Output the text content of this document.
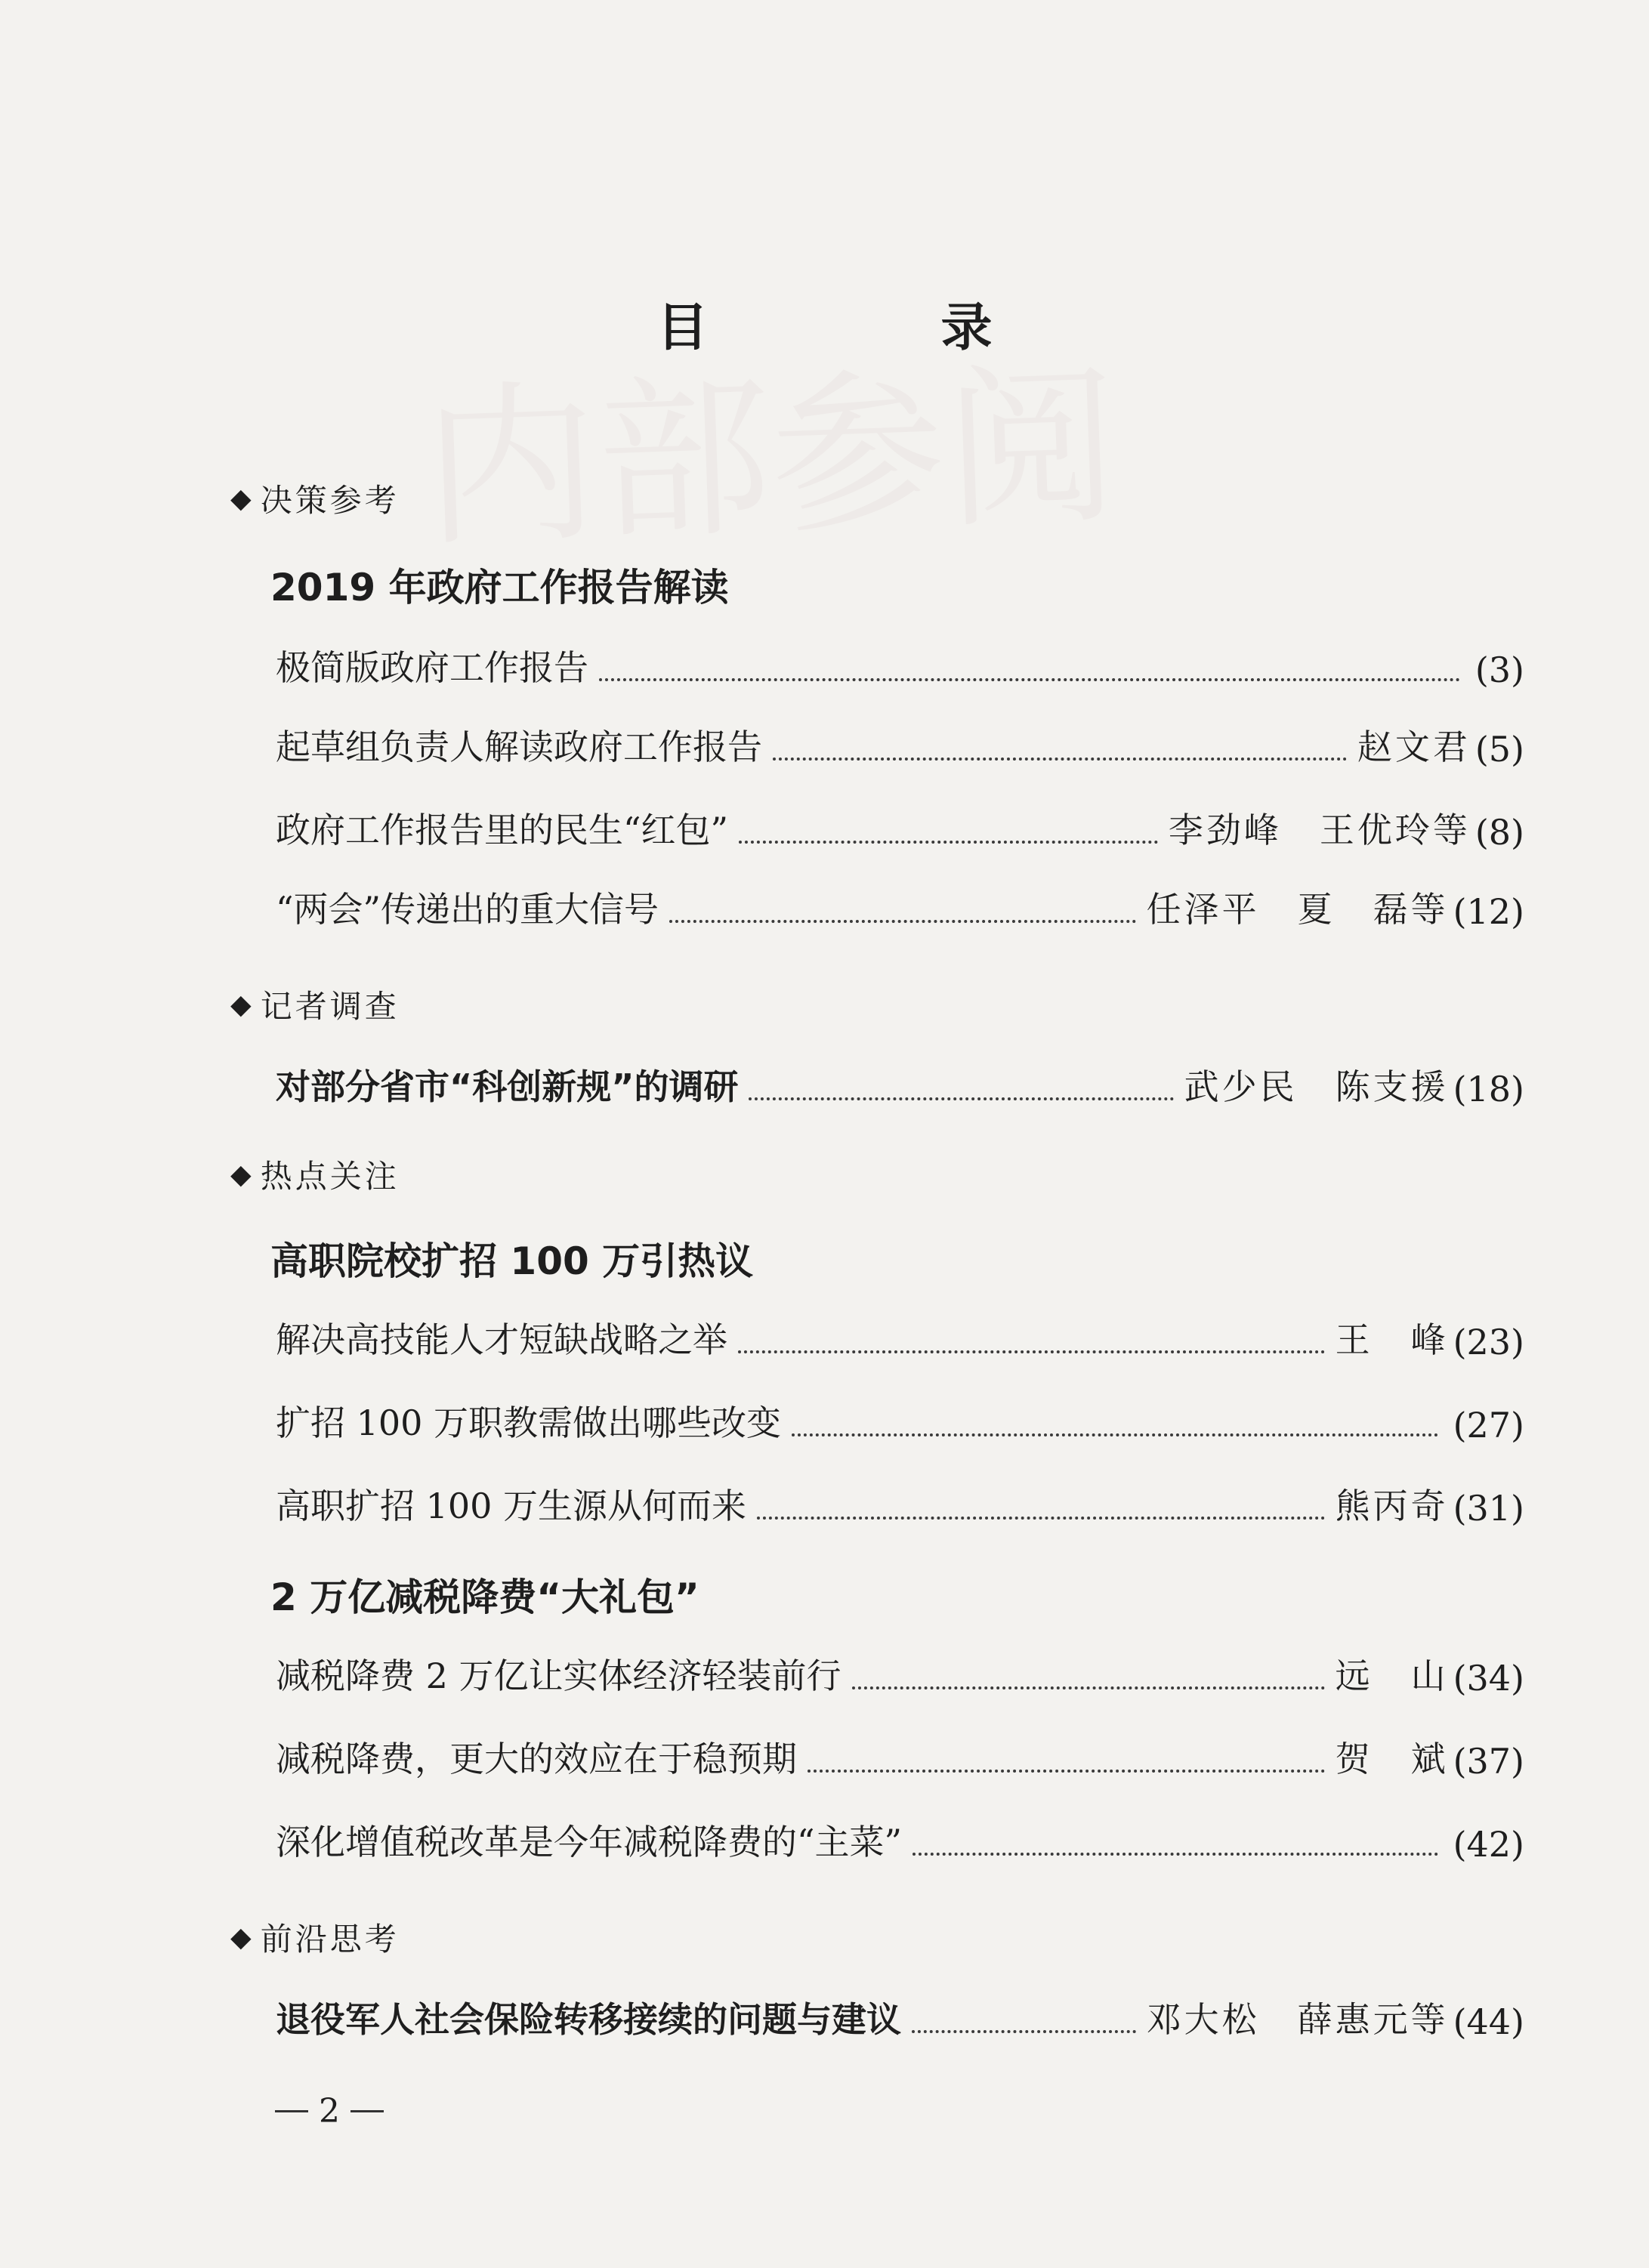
内部参阅
目　录
◆ 决策参考
2019 年政府工作报告解读
极简版政府工作报告	(3)
起草组负责人解读政府工作报告	赵文君 (5)
政府工作报告里的民生“红包”	李劲峰　王优玲等 (8)
“两会”传递出的重大信号	任泽平　夏　磊等 (12)
◆ 记者调查
对部分省市“科创新规”的调研	武少民　陈支援 (18)
◆ 热点关注
高职院校扩招 100 万引热议
解决高技能人才短缺战略之举	王　峰 (23)
扩招 100 万职教需做出哪些改变	(27)
高职扩招 100 万生源从何而来	熊丙奇 (31)
2 万亿减税降费“大礼包”
减税降费 2 万亿让实体经济轻装前行	远　山 (34)
减税降费，更大的效应在于稳预期	贺　斌 (37)
深化增值税改革是今年减税降费的“主菜”	(42)
◆ 前沿思考
退役军人社会保险转移接续的问题与建议	邓大松　薛惠元等 (44)
2
